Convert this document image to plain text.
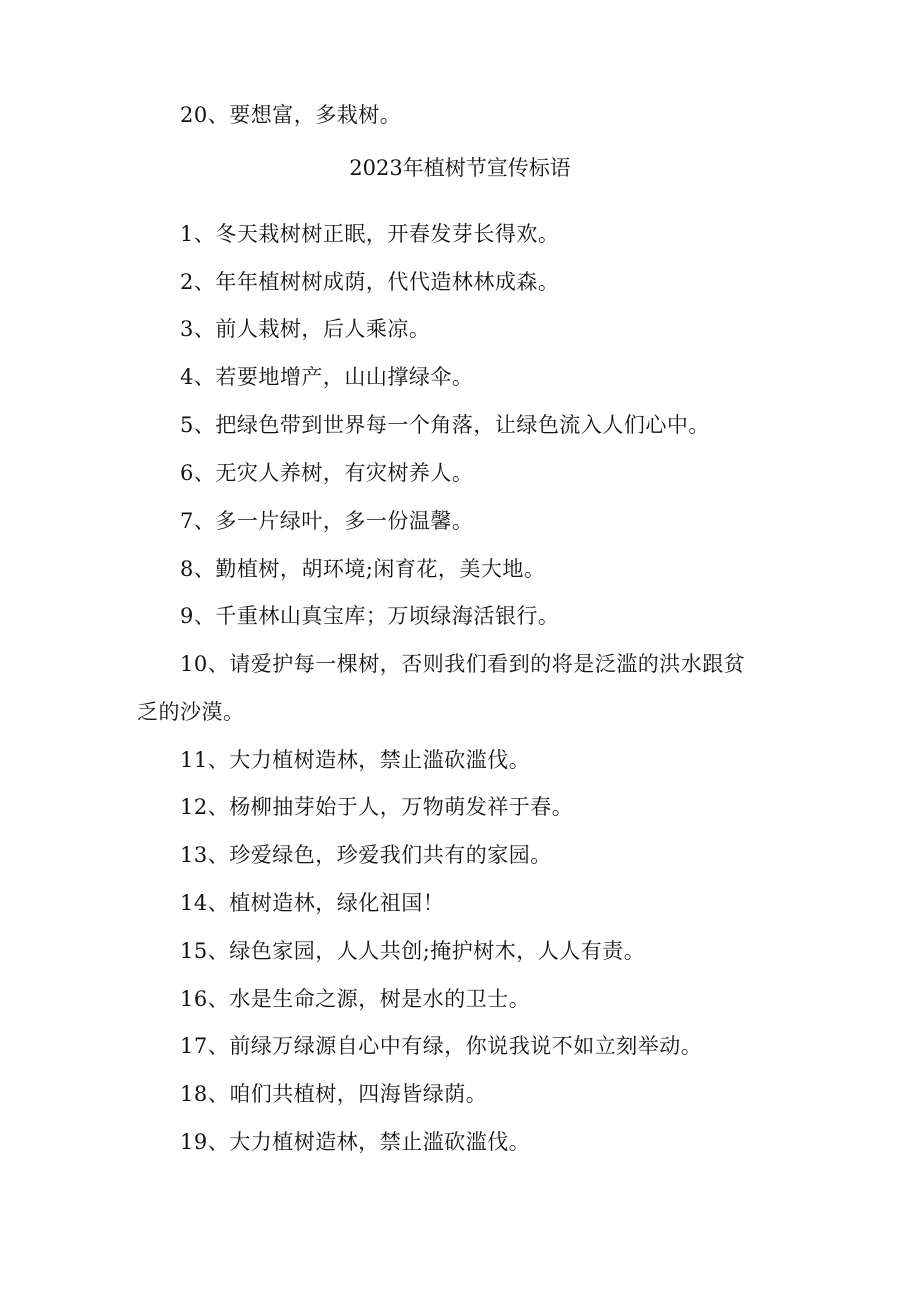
20、要想富，多栽树。
2023年植树节宣传标语
1、冬天栽树树正眠，开春发芽长得欢。
2、年年植树树成荫，代代造林林成森。
3、前人栽树，后人乘凉。
4、若要地增产，山山撑绿伞。
5、把绿色带到世界每一个角落，让绿色流入人们心中。
6、无灾人养树，有灾树养人。
7、多一片绿叶，多一份温馨。
8、勤植树，胡环境;闲育花，美大地。
9、千重林山真宝库；万顷绿海活银行。
10、请爱护每一棵树，否则我们看到的将是泛滥的洪水跟贫
乏的沙漠。
11、大力植树造林，禁止滥砍滥伐。
12、杨柳抽芽始于人，万物萌发祥于春。
13、珍爱绿色，珍爱我们共有的家园。
14、植树造林，绿化祖国！
15、绿色家园，人人共创;掩护树木，人人有责。
16、水是生命之源，树是水的卫士。
17、前绿万绿源自心中有绿，你说我说不如立刻举动。
18、咱们共植树，四海皆绿荫。
19、大力植树造林，禁止滥砍滥伐。
